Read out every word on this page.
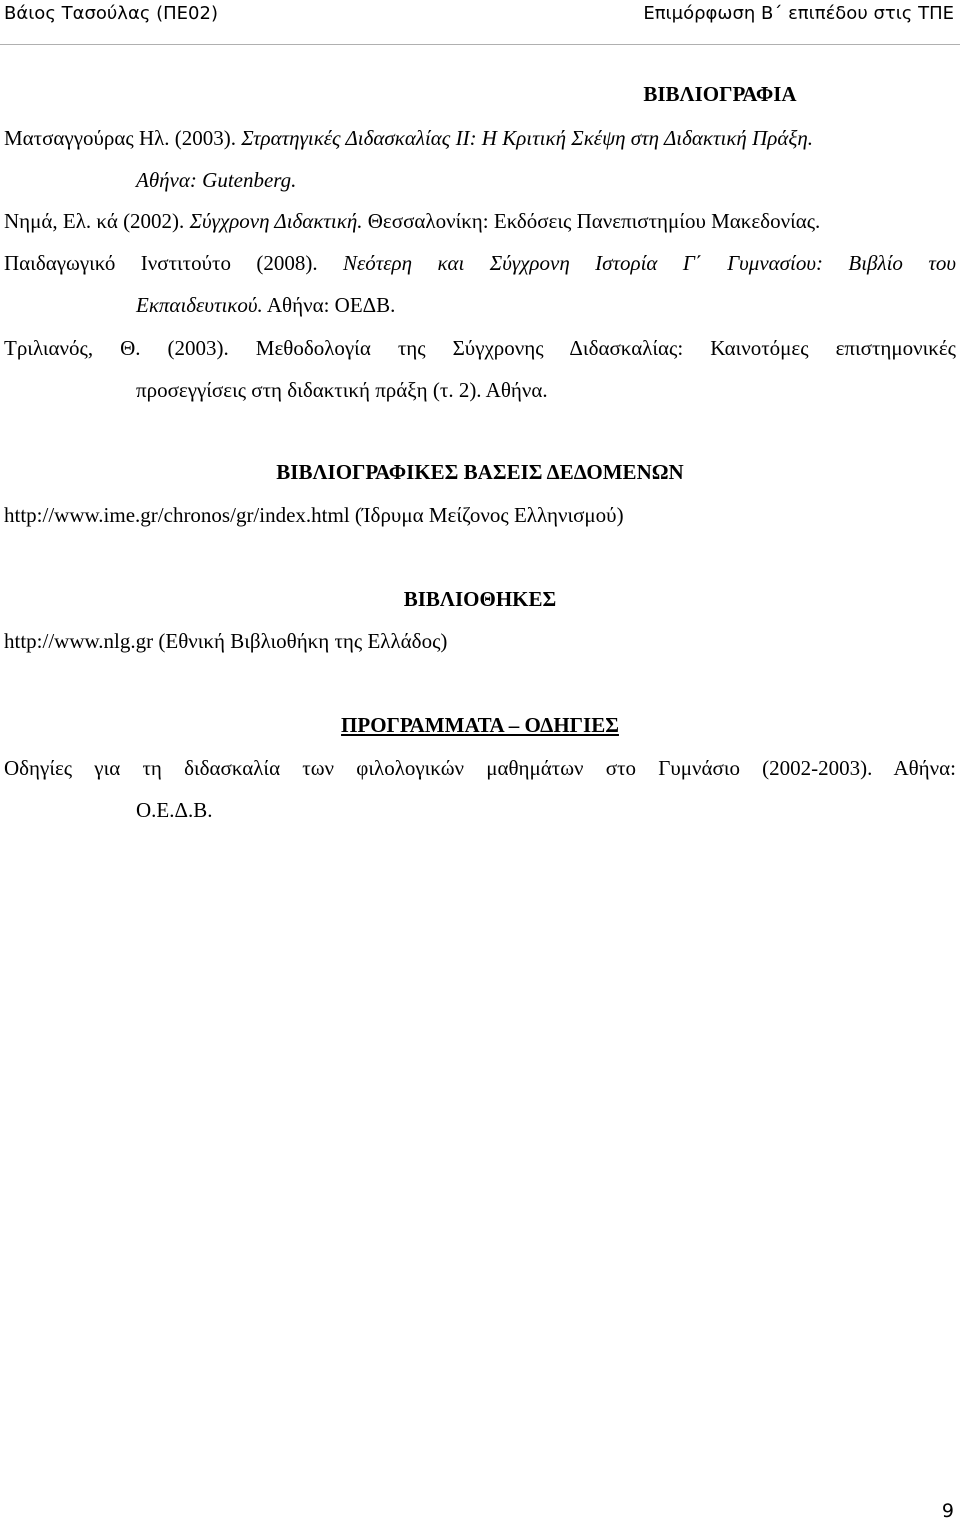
Βάιος Τασούλας (ΠΕ02)	Επιμόρφωση Β΄ επιπέδου στις ΤΠΕ
ΒΙΒΛΙΟΓΡΑΦΙΑ
Ματσαγγούρας Ηλ. (2003). Στρατηγικές Διδασκαλίας ΙΙ: Η Κριτική Σκέψη στη Διδακτική Πράξη.
Αθήνα: Gutenberg.
Νημά, Ελ. κά (2002). Σύγχρονη Διδακτική. Θεσσαλονίκη: Εκδόσεις Πανεπιστημίου Μακεδονίας.
Παιδαγωγικό Ινστιτούτο (2008). Νεότερη και Σύγχρονη Ιστορία Γ΄ Γυμνασίου: Βιβλίο του
Εκπαιδευτικού. Αθήνα: ΟΕΔΒ.
Τριλιανός, Θ. (2003). Μεθοδολογία της Σύγχρονης Διδασκαλίας: Καινοτόμες επιστημονικές
προσεγγίσεις στη διδακτική πράξη (τ. 2). Αθήνα.
ΒΙΒΛΙΟΓΡΑΦΙΚΕΣ ΒΑΣΕΙΣ ΔΕΔΟΜΕΝΩΝ
http://www.ime.gr/chronos/gr/index.html (Ίδρυμα Μείζονος Ελληνισμού)
ΒΙΒΛΙΟΘΗΚΕΣ
http://www.nlg.gr (Εθνική Βιβλιοθήκη της Ελλάδος)
ΠΡΟΓΡΑΜΜΑΤΑ – ΟΔΗΓΙΕΣ
Οδηγίες για τη διδασκαλία των φιλολογικών μαθημάτων στο Γυμνάσιο (2002-2003). Αθήνα:
Ο.Ε.Δ.Β.
9
